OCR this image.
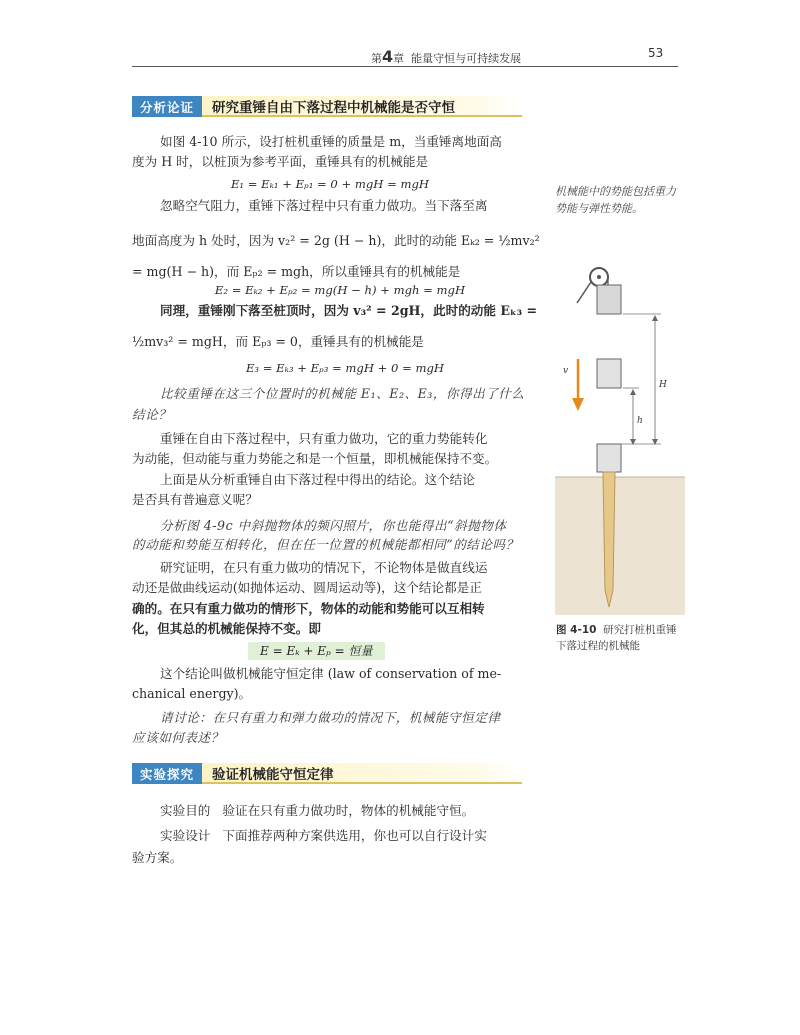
第4章 能量守恒与可持续发展	53
分析论证	研究重锤自由下落过程中机械能是否守恒
如图 4-10 所示，设打桩机重锤的质量是 m，当重锤离地面高
度为 H 时，以桩顶为参考平面，重锤具有的机械能是
E₁ = Eₖ₁ + Eₚ₁ = 0 + mgH = mgH
忽略空气阻力，重锤下落过程中只有重力做功。当下落至离
地面高度为 h 处时，因为 v₂² = 2g (H − h)，此时的动能 Eₖ₂ = ½mv₂²
= mg(H − h)，而 Eₚ₂ = mgh，所以重锤具有的机械能是
E₂ = Eₖ₂ + Eₚ₂ = mg(H − h) + mgh = mgH
同理，重锤刚下落至桩顶时，因为 v₃² = 2gH，此时的动能 Eₖ₃ =
½mv₃² = mgH，而 Eₚ₃ = 0，重锤具有的机械能是
E₃ = Eₖ₃ + Eₚ₃ = mgH + 0 = mgH
比较重锤在这三个位置时的机械能 E₁、E₂、E₃，你得出了什么
结论？
重锤在自由下落过程中，只有重力做功，它的重力势能转化
为动能，但动能与重力势能之和是一个恒量，即机械能保持不变。
上面是从分析重锤自由下落过程中得出的结论。这个结论
是否具有普遍意义呢？
分析图 4-9c 中斜抛物体的频闪照片，你也能得出“斜抛物体
的动能和势能互相转化，但在任一位置的机械能都相同”的结论吗？
研究证明，在只有重力做功的情况下，不论物体是做直线运
动还是做曲线运动(如抛体运动、圆周运动等)，这个结论都是正
确的。在只有重力做功的情形下，物体的动能和势能可以互相转
化，但其总的机械能保持不变。即
E = Eₖ + Eₚ = 恒量
这个结论叫做机械能守恒定律 (law of conservation of me-
chanical energy)。
请讨论：在只有重力和弹力做功的情况下，机械能守恒定律
应该如何表述？
机械能中的势能包括重力势能与弹性势能。
v
h
H
图 4-10 研究打桩机重锤下落过程的机械能
实验探究	验证机械能守恒定律
实验目的 验证在只有重力做功时，物体的机械能守恒。
实验设计 下面推荐两种方案供选用，你也可以自行设计实
验方案。
